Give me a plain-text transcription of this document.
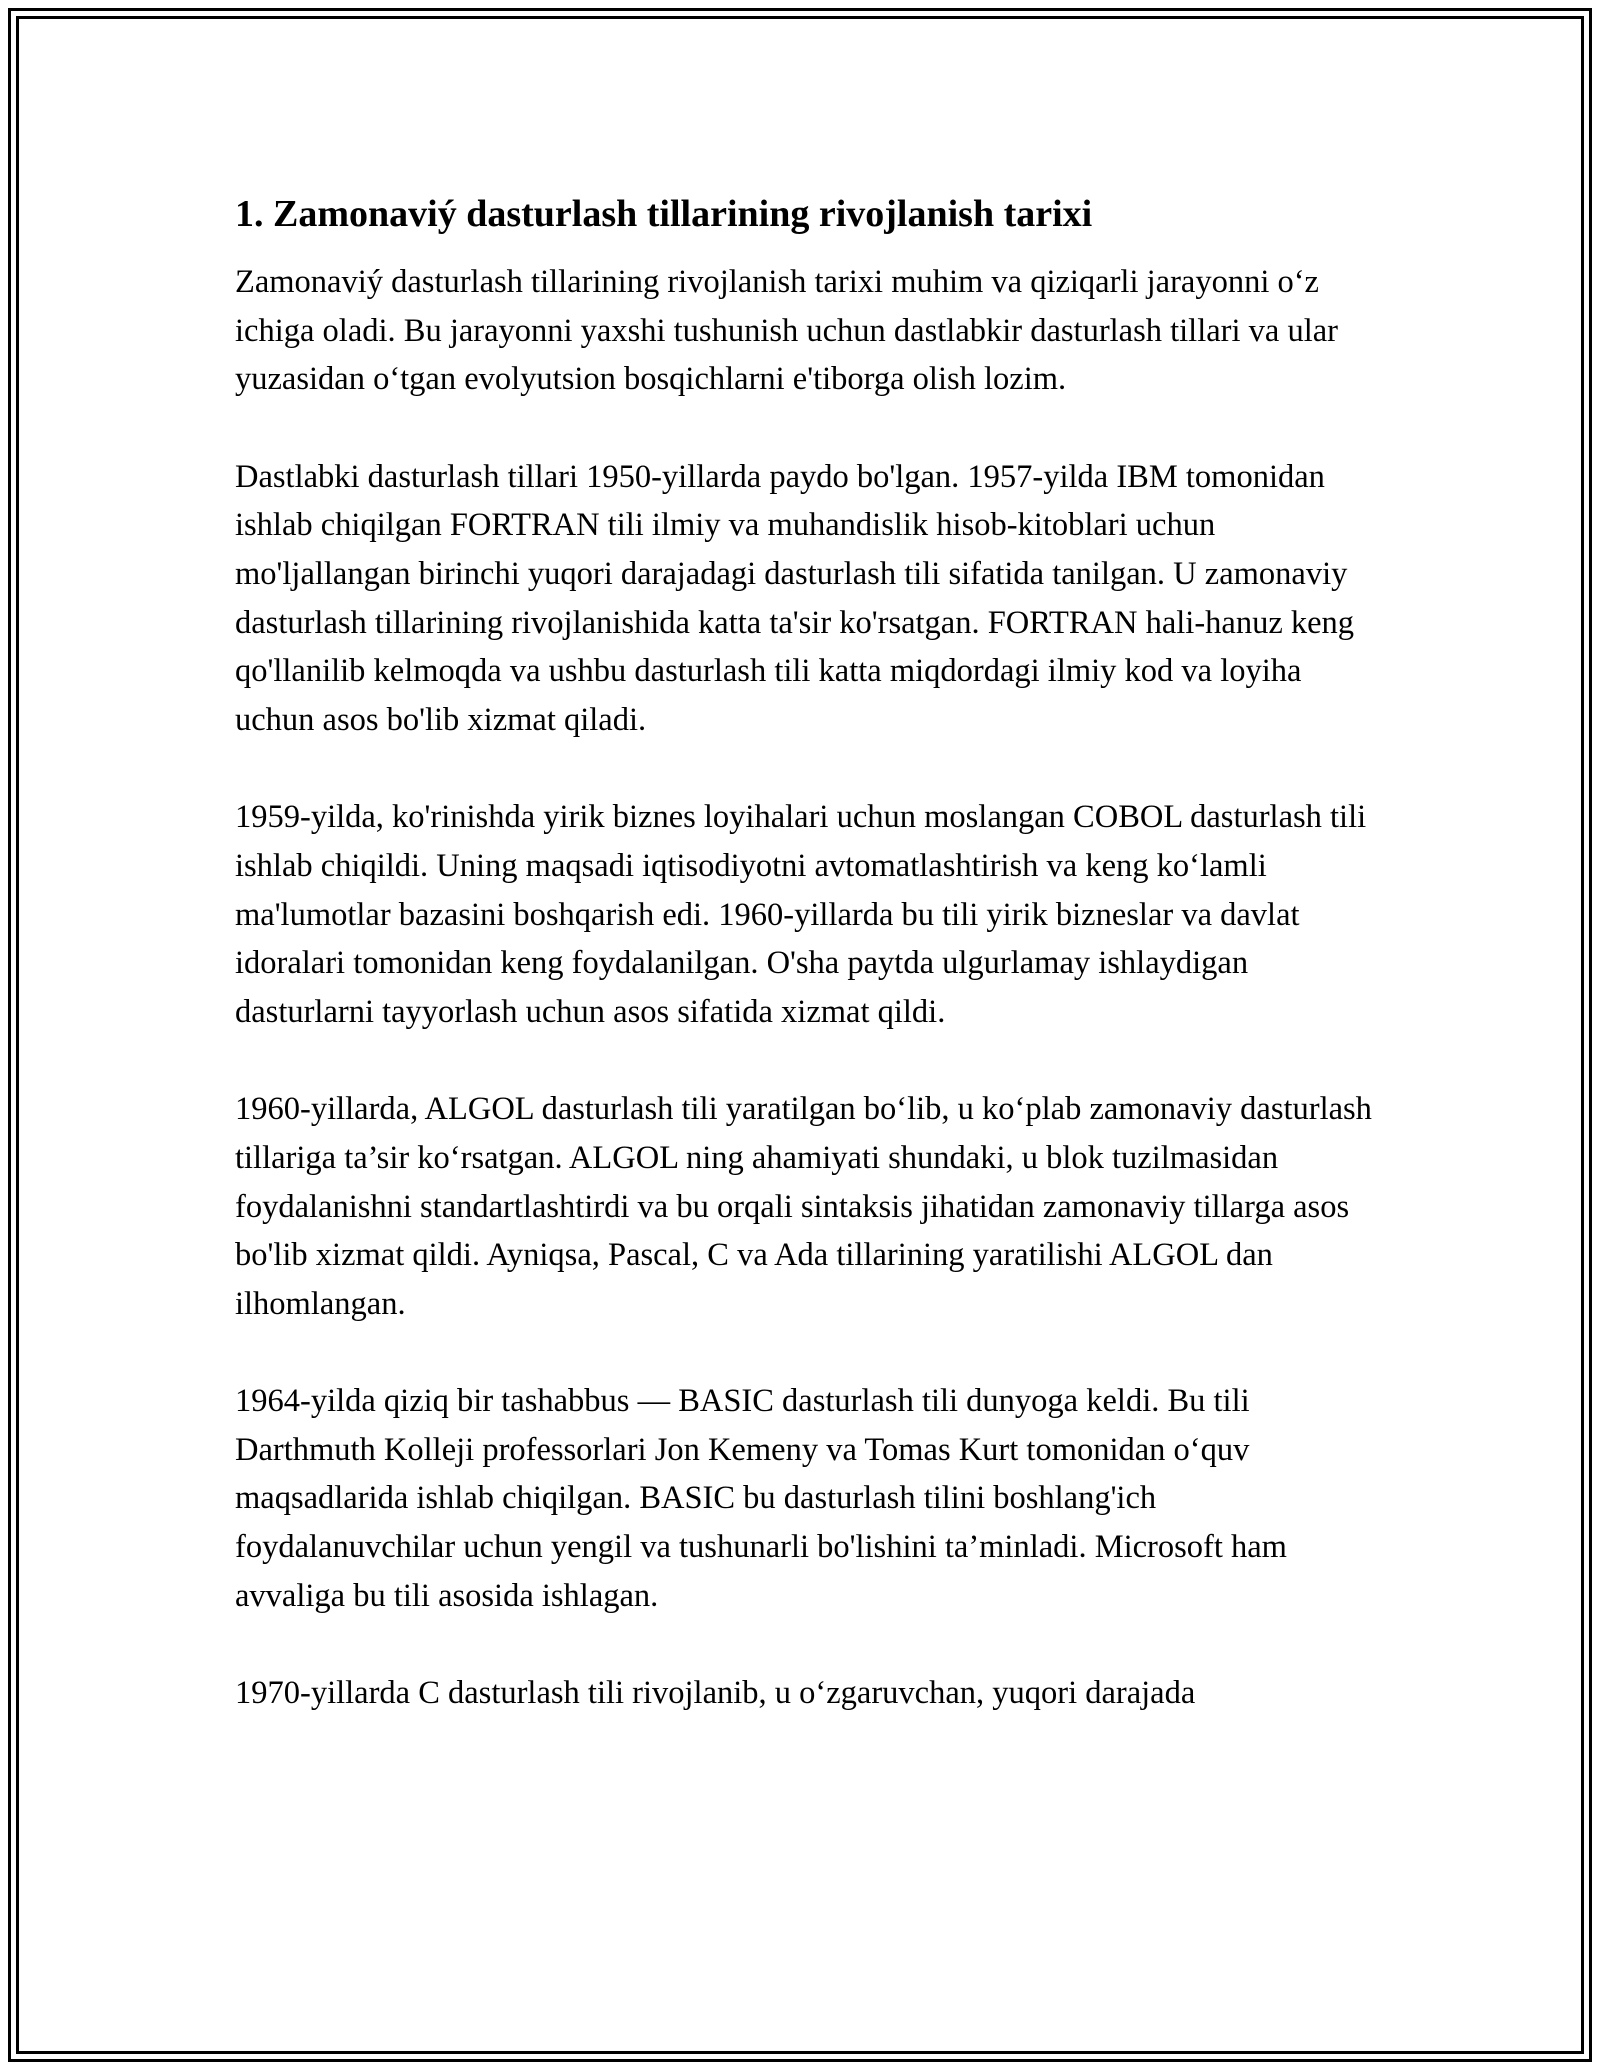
1. Zamonaviý dasturlash tillarining rivojlanish tarixi

Zamonaviý dasturlash tillarining rivojlanish tarixi muhim va qiziqarli jarayonni o‘z ichiga oladi. Bu jarayonni yaxshi tushunish uchun dastlabkir dasturlash tillari va ular yuzasidan o‘tgan evolyutsion bosqichlarni e'tiborga olish lozim.

Dastlabki dasturlash tillari 1950-yillarda paydo bo'lgan. 1957-yilda IBM tomonidan ishlab chiqilgan FORTRAN tili ilmiy va muhandislik hisob-kitoblari uchun mo'ljallangan birinchi yuqori darajadagi dasturlash tili sifatida tanilgan. U zamonaviy dasturlash tillarining rivojlanishida katta ta'sir ko'rsatgan. FORTRAN hali-hanuz keng qo'llanilib kelmoqda va ushbu dasturlash tili katta miqdordagi ilmiy kod va loyiha uchun asos bo'lib xizmat qiladi.

1959-yilda, ko'rinishda yirik biznes loyihalari uchun moslangan COBOL dasturlash tili ishlab chiqildi. Uning maqsadi iqtisodiyotni avtomatlashtirish va keng ko‘lamli ma'lumotlar bazasini boshqarish edi. 1960-yillarda bu tili yirik bizneslar va davlat idoralari tomonidan keng foydalanilgan. O'sha paytda ulgurlamay ishlaydigan dasturlarni tayyorlash uchun asos sifatida xizmat qildi.

1960-yillarda, ALGOL dasturlash tili yaratilgan bo‘lib, u ko‘plab zamonaviy dasturlash tillariga ta’sir ko‘rsatgan. ALGOL ning ahamiyati shundaki, u blok tuzilmasidan foydalanishni standartlashtirdi va bu orqali sintaksis jihatidan zamonaviy tillarga asos bo'lib xizmat qildi. Ayniqsa, Pascal, C va Ada tillarining yaratilishi ALGOL dan ilhomlangan.

1964-yilda qiziq bir tashabbus — BASIC dasturlash tili dunyoga keldi. Bu tili Darthmuth Kolleji professorlari Jon Kemeny va Tomas Kurt tomonidan o‘quv maqsadlarida ishlab chiqilgan. BASIC bu dasturlash tilini boshlang'ich foydalanuvchilar uchun yengil va tushunarli bo'lishini ta’minladi. Microsoft ham avvaliga bu tili asosida ishlagan.

1970-yillarda C dasturlash tili rivojlanib, u o‘zgaruvchan, yuqori darajada
